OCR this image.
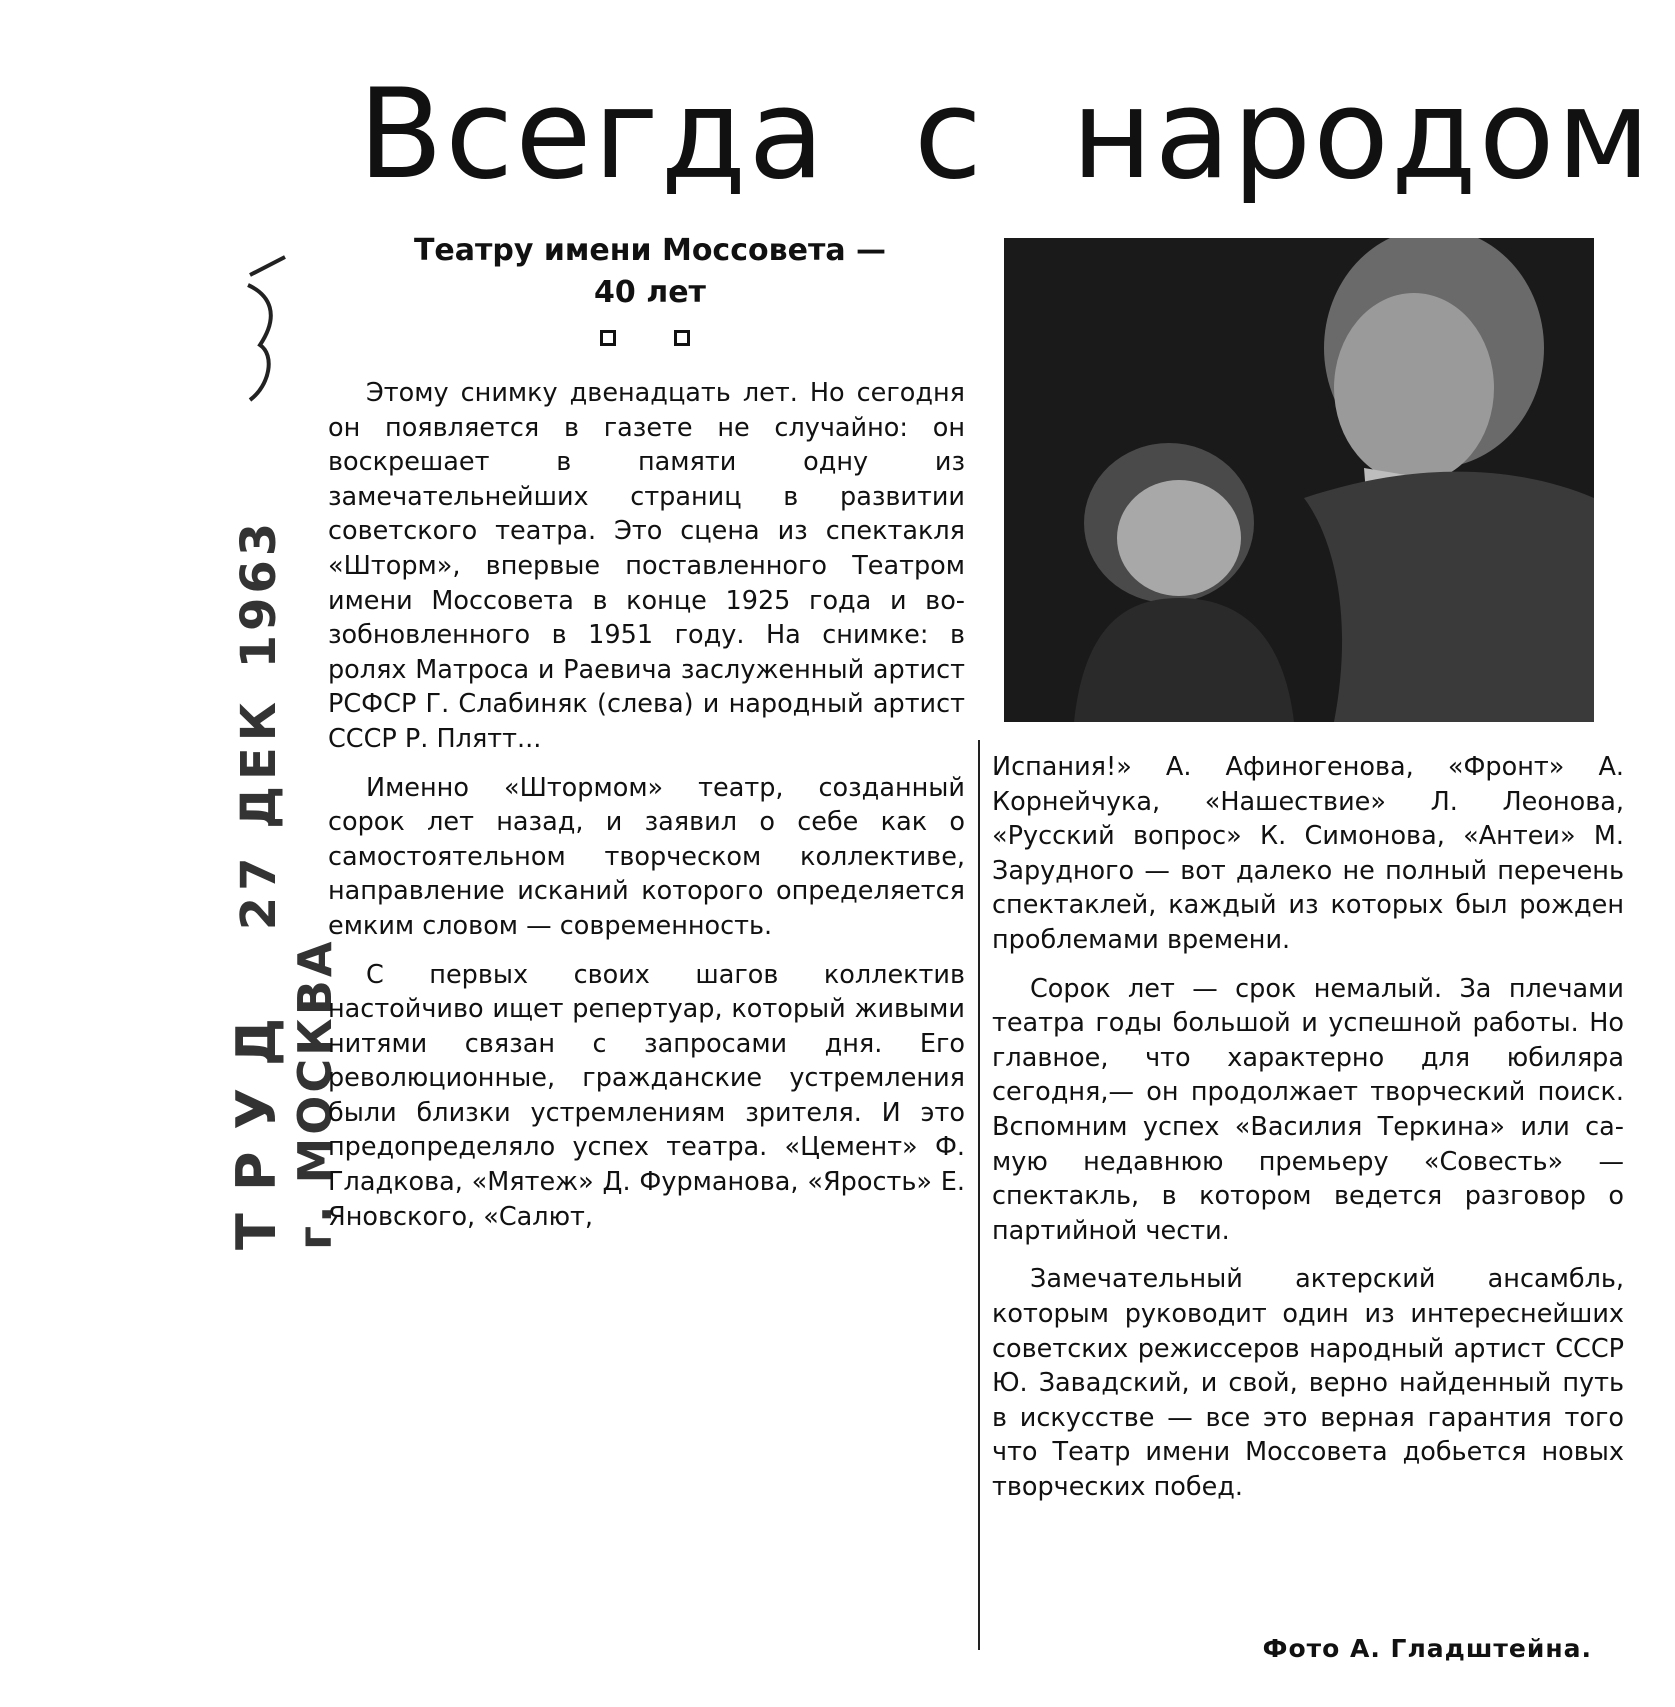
Всегда с народом
Театру имени Моссовета —
40 лет
ТРУД 27 ДЕК 1963
г. МОСКВА

Этому снимку двенадцать лет. Но сегодня он появляется в газете не случайно: он воскрешает в памяти одну из замечательнейших страниц в развитии советского театра. Это сцена из спектакля «Шторм», впервые поставленного Театром имени Моссовета в конце 1925 года и возобновленного в 1951 году. На снимке: в ролях Матроса и Раевича заслуженный артист РСФСР Г. Слабиняк (слева) и народный артист СССР Р. Плятт...

Именно «Штормом» театр, созданный сорок лет назад, и заявил о себе как о самостоятельном творческом коллективе, направление исканий которого определяется емким словом — современность.

С первых своих шагов коллектив настойчиво ищет репертуар, который живыми нитями связан с запросами дня. Его революционные, гражданские устремления были близки устремлениям зрителя. И это предопределяло успех театра. «Цемент» Ф. Гладкова, «Мятеж» Д. Фурманова, «Ярость» Е. Яновского, «Салют,

Испания!» А. Афиногенова, «Фронт» А. Корнейчука, «Нашествие» Л. Леонова, «Русский вопрос» К. Симонова, «Антеи» М. Зарудного — вот далеко не полный перечень спектаклей, каждый из которых был рожден проблемами времени.

Сорок лет — срок немалый. За плечами театра годы большой и успешной работы. Но главное, что характерно для юбиляра сегодня,— он продолжает творческий поиск. Вспомним успех «Василия Теркина» или самую недавнюю премьеру «Совесть» — спектакль, в котором ведется разговор о партийной чести.

Замечательный актерский ансамбль, которым руководит один из интереснейших советских режиссеров народный артист СССР Ю. Завадский, и свой, верно найденный путь в искусстве — все это верная гарантия того что Театр имени Моссовета добьется новых творческих побед.

Фото А. Гладштейна.
